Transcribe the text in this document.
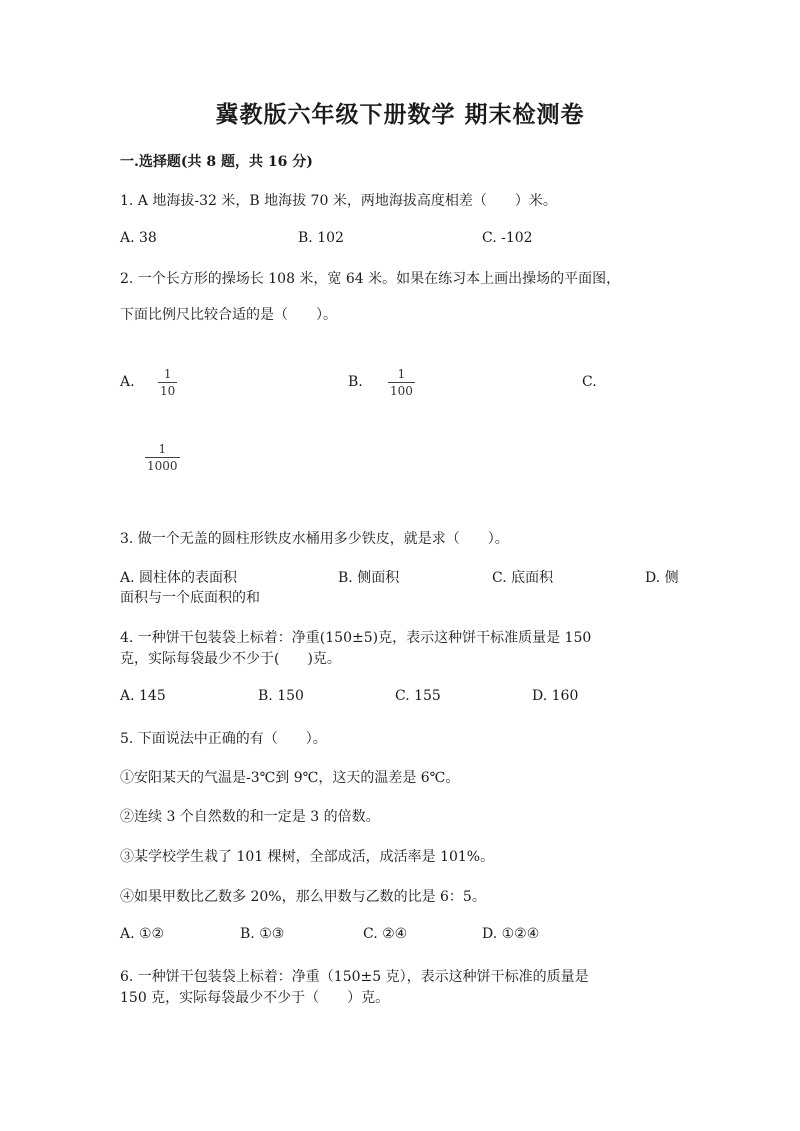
冀教版六年级下册数学 期末检测卷
一.选择题(共 8 题，共 16 分)
1. A 地海拔-32 米，B 地海拔 70 米，两地海拔高度相差（　　）米。
A. 38	B. 102	C. -102
2. 一个长方形的操场长 108 米，宽 64 米。如果在练习本上画出操场的平面图，
下面比例尺比较合适的是（　　）。
A. 1
10
B.	1
100
C.
1
1000
3. 做一个无盖的圆柱形铁皮水桶用多少铁皮，就是求（　　）。
A. 圆柱体的表面积	B. 侧面积	C. 底面积	D. 侧
面积与一个底面积的和
4. 一种饼干包装袋上标着：净重(150±5)克，表示这种饼干标准质量是 150
克，实际每袋最少不少于(　　)克。
A. 145	B. 150	C. 155	D. 160
5. 下面说法中正确的有（　　）。
①安阳某天的气温是-3℃到 9℃，这天的温差是 6℃。
②连续 3 个自然数的和一定是 3 的倍数。
③某学校学生栽了 101 棵树，全部成活，成活率是 101%。
④如果甲数比乙数多 20%，那么甲数与乙数的比是 6：5。
A. ①②	B. ①③	C. ②④	D. ①②④
6. 一种饼干包装袋上标着：净重（150±5 克），表示这种饼干标准的质量是
150 克，实际每袋最少不少于（　　）克。
